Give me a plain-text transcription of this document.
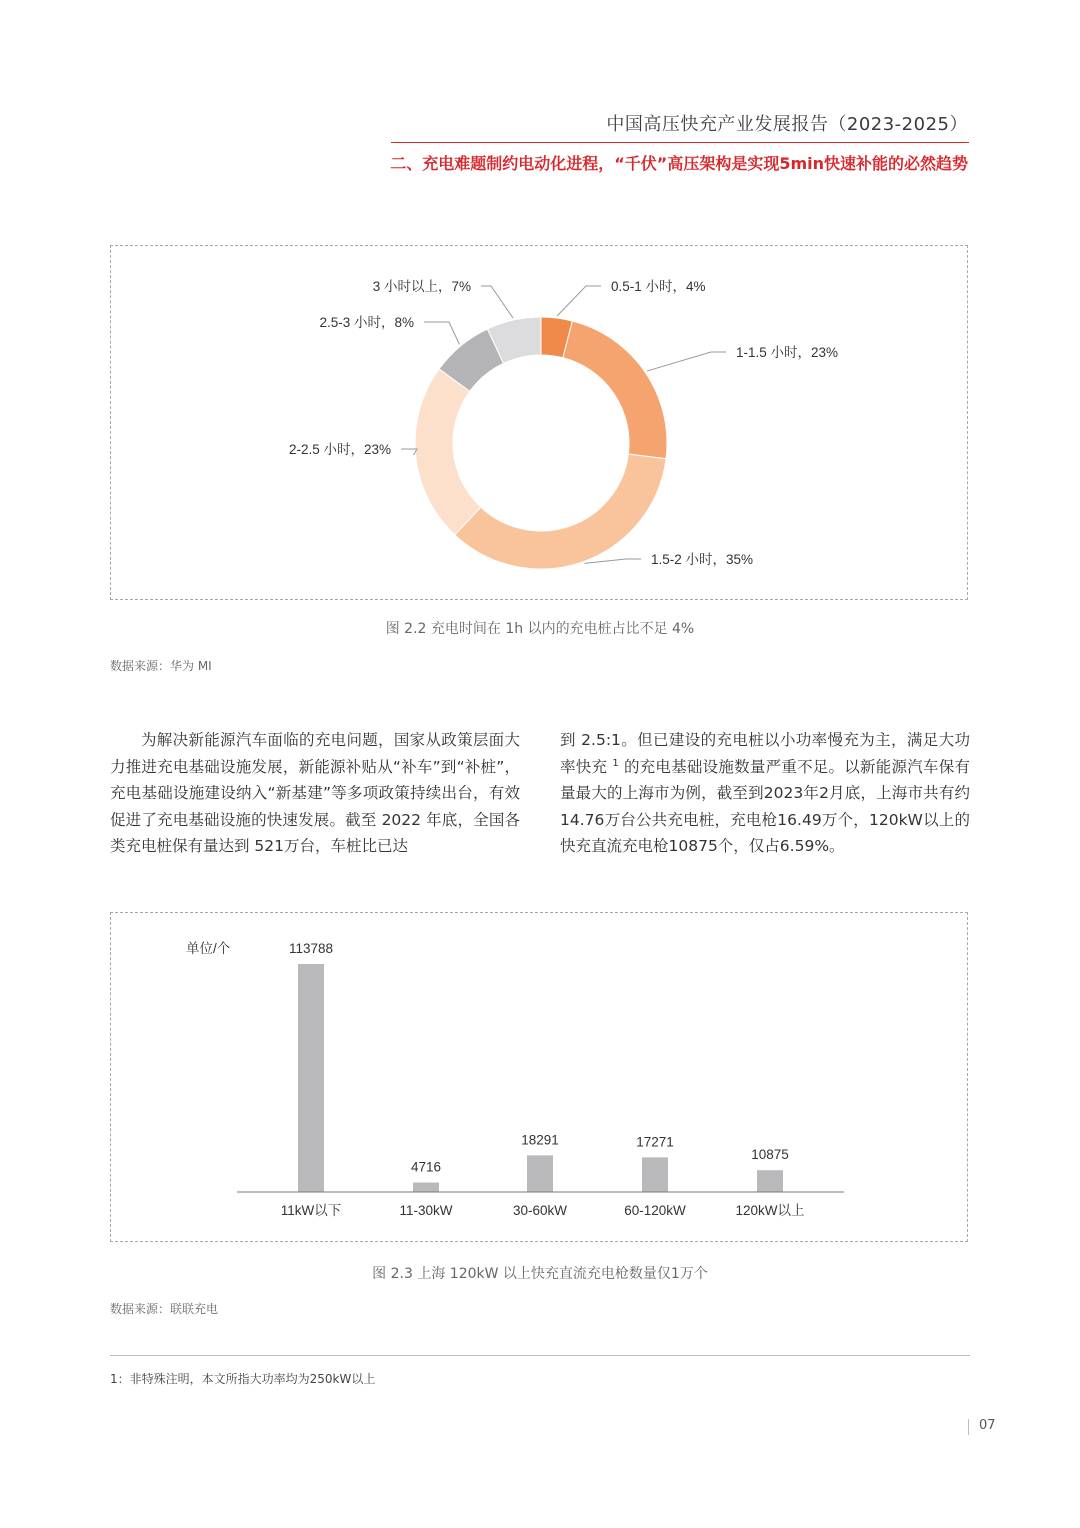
中国高压快充产业发展报告（2023-2025）
二、充电难题制约电动化进程，“千伏”高压架构是实现5min快速补能的必然趋势
0.5-1 小时，4%
1-1.5 小时，23%
1.5-2 小时，35%
2-2.5 小时，23%
2.5-3 小时，8%
3 小时以上，7%
图 2.2 充电时间在 1h 以内的充电桩占比不足 4%
数据来源：华为 MI
为解决新能源汽车面临的充电问题，国家从政策层面大力推进充电基础设施发展，新能源补贴从“补车”到“补桩”，充电基础设施建设纳入“新基建”等多项政策持续出台，有效促进了充电基础设施的快速发展。截至 2022 年底，全国各类充电桩保有量达到 521万台，车桩比已达
到 2.5:1。但已建设的充电桩以小功率慢充为主，满足大功率快充 $^1$ 的充电基础设施数量严重不足。以新能源汽车保有量最大的上海市为例，截至到2023年2月底，上海市共有约14.76万台公共充电桩，充电枪16.49万个，120kW以上的快充直流充电枪10875个，仅占6.59%。
单位/个	113788
11kW以下
4716
11-30kW
18291
30-60kW
17271
60-120kW
10875
120kW以上
图 2.3 上海 120kW 以上快充直流充电枪数量仅1万个
数据来源：联联充电
1：非特殊注明，本文所指大功率均为250kW以上
07
